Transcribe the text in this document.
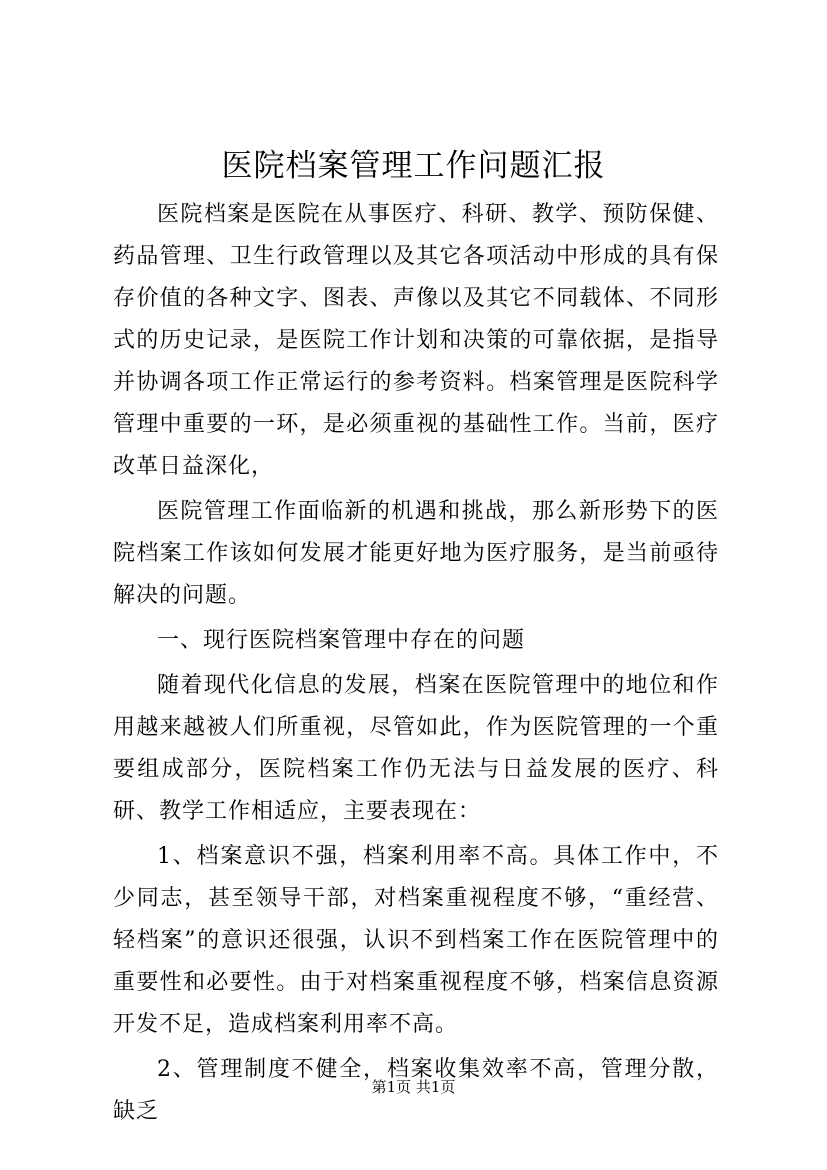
医院档案管理工作问题汇报

医院档案是医院在从事医疗、科研、教学、预防保健、药品管理、卫生行政管理以及其它各项活动中形成的具有保存价值的各种文字、图表、声像以及其它不同载体、不同形式的历史记录，是医院工作计划和决策的可靠依据，是指导并协调各项工作正常运行的参考资料。档案管理是医院科学管理中重要的一环，是必须重视的基础性工作。当前，医疗改革日益深化，

医院管理工作面临新的机遇和挑战，那么新形势下的医院档案工作该如何发展才能更好地为医疗服务，是当前亟待解决的问题。

一、现行医院档案管理中存在的问题

随着现代化信息的发展，档案在医院管理中的地位和作用越来越被人们所重视，尽管如此，作为医院管理的一个重要组成部分，医院档案工作仍无法与日益发展的医疗、科研、教学工作相适应，主要表现在：

1、档案意识不强，档案利用率不高。具体工作中，不少同志，甚至领导干部，对档案重视程度不够，“重经营、轻档案”的意识还很强，认识不到档案工作在医院管理中的重要性和必要性。由于对档案重视程度不够，档案信息资源开发不足，造成档案利用率不高。

2、管理制度不健全，档案收集效率不高，管理分散，缺乏

第1页 共1页
